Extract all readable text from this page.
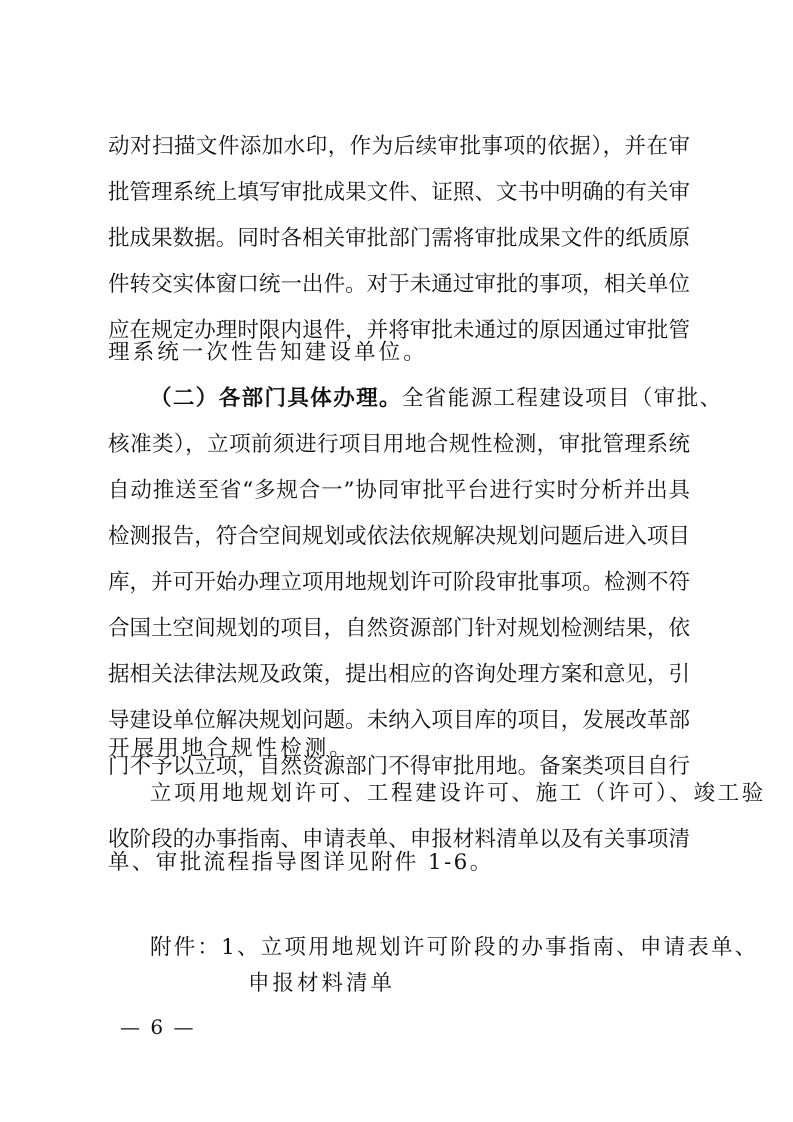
动对扫描文件添加水印，作为后续审批事项的依据），并在审
批管理系统上填写审批成果文件、证照、文书中明确的有关审
批成果数据。同时各相关审批部门需将审批成果文件的纸质原
件转交实体窗口统一出件。对于未通过审批的事项，相关单位
应在规定办理时限内退件，并将审批未通过的原因通过审批管
理系统一次性告知建设单位。
（二）各部门具体办理。全省能源工程建设项目（审批、
核准类），立项前须进行项目用地合规性检测，审批管理系统
自动推送至省“多规合一”协同审批平台进行实时分析并出具
检测报告，符合空间规划或依法依规解决规划问题后进入项目
库，并可开始办理立项用地规划许可阶段审批事项。检测不符
合国土空间规划的项目，自然资源部门针对规划检测结果，依
据相关法律法规及政策，提出相应的咨询处理方案和意见，引
导建设单位解决规划问题。未纳入项目库的项目，发展改革部
门不予以立项，自然资源部门不得审批用地。备案类项目自行
开展用地合规性检测。
立项用地规划许可、工程建设许可、施工（许可）、竣工验
收阶段的办事指南、申请表单、申报材料清单以及有关事项清
单、审批流程指导图详见附件 1-6。
附件：1、立项用地规划许可阶段的办事指南、申请表单、
申报材料清单
— 6 —
